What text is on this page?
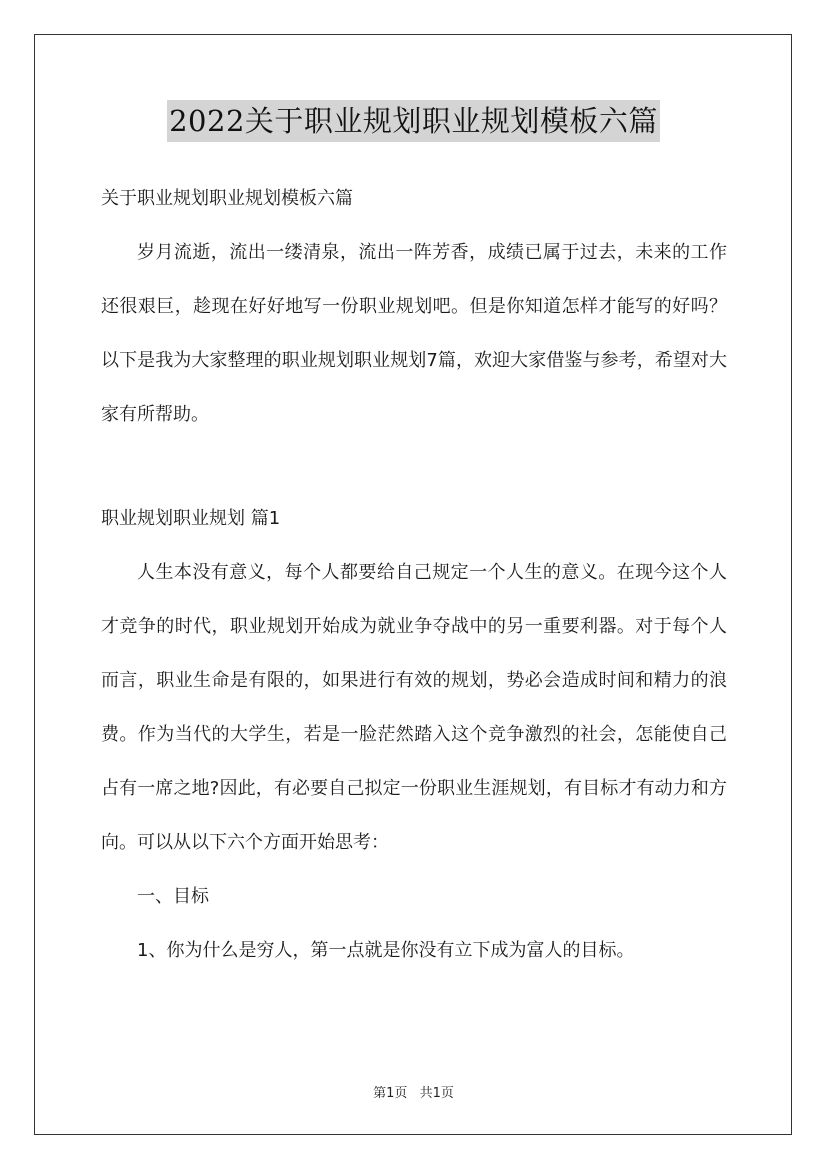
2022关于职业规划职业规划模板六篇

关于职业规划职业规划模板六篇

岁月流逝，流出一缕清泉，流出一阵芳香，成绩已属于过去，未来的工作还很艰巨，趁现在好好地写一份职业规划吧。但是你知道怎样才能写的好吗？以下是我为大家整理的职业规划职业规划7篇，欢迎大家借鉴与参考，希望对大家有所帮助。

职业规划职业规划 篇1

人生本没有意义，每个人都要给自己规定一个人生的意义。在现今这个人才竞争的时代，职业规划开始成为就业争夺战中的另一重要利器。对于每个人而言，职业生命是有限的，如果进行有效的规划，势必会造成时间和精力的浪费。作为当代的大学生，若是一脸茫然踏入这个竞争激烈的社会，怎能使自己占有一席之地?因此，有必要自己拟定一份职业生涯规划，有目标才有动力和方向。可以从以下六个方面开始思考：

一、目标

1、你为什么是穷人，第一点就是你没有立下成为富人的目标。

第1页 共1页
